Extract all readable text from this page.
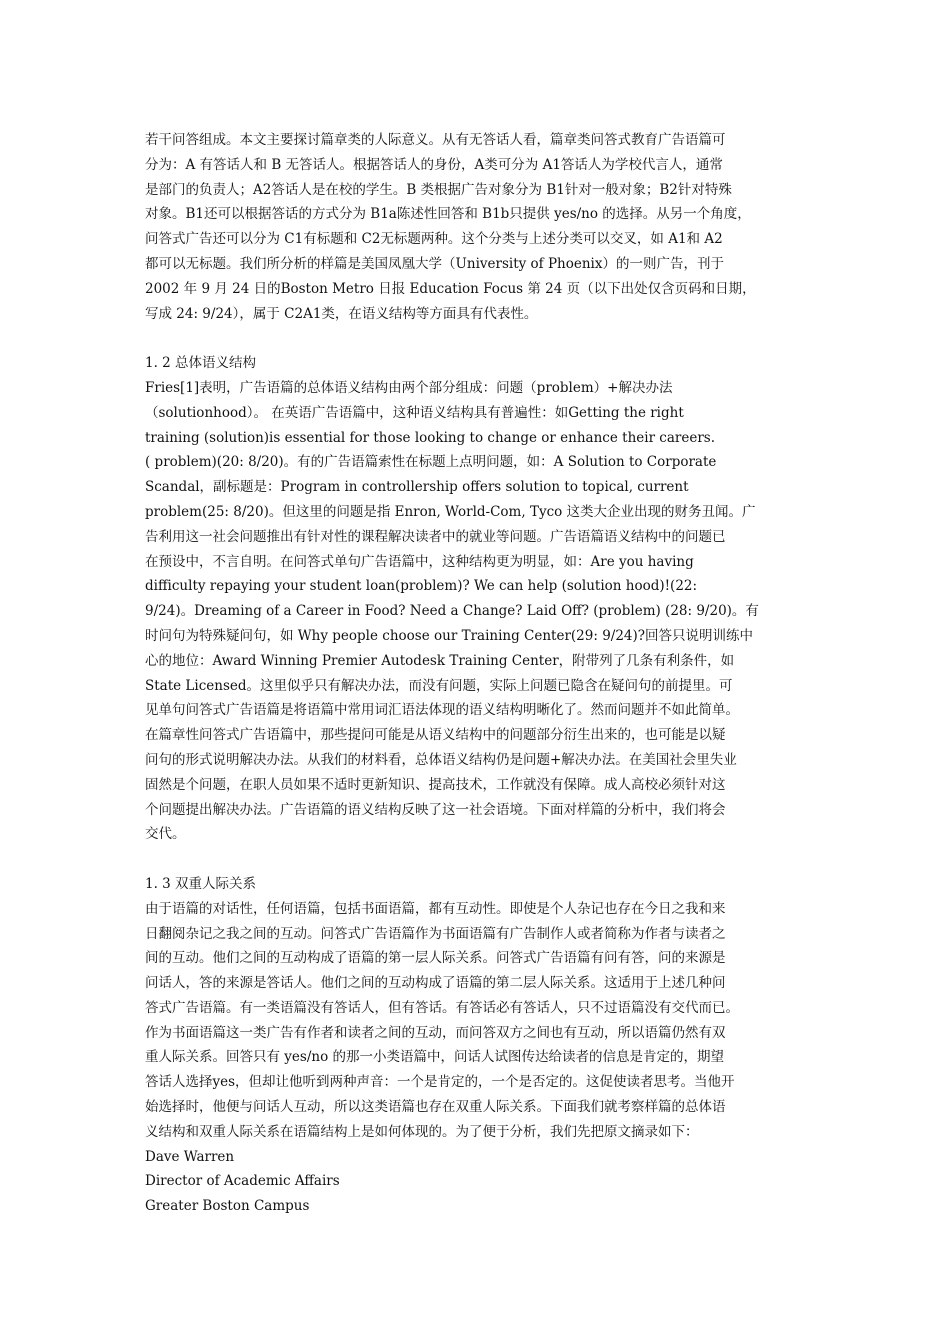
若干问答组成。本文主要探讨篇章类的人际意义。从有无答话人看，篇章类问答式教育广告语篇可
分为：A 有答话人和 B 无答话人。根据答话人的身份，A类可分为 A1答话人为学校代言人，通常
是部门的负责人；A2答话人是在校的学生。B 类根据广告对象分为 B1针对一般对象；B2针对特殊
对象。B1还可以根据答话的方式分为 B1a陈述性回答和 B1b只提供 yes/no 的选择。从另一个角度，
问答式广告还可以分为 C1有标题和 C2无标题两种。这个分类与上述分类可以交叉，如 A1和 A2
都可以无标题。我们所分析的样篇是美国凤凰大学（University of Phoenix）的一则广告，刊于
2002 年 9 月 24 日的Boston Metro 日报 Education Focus 第 24 页（以下出处仅含页码和日期，
写成 24: 9/24），属于 C2A1类，在语义结构等方面具有代表性。
1. 2 总体语义结构
Fries[1]表明，广告语篇的总体语义结构由两个部分组成：问题（problem）+解决办法
（solutionhood）。 在英语广告语篇中，这种语义结构具有普遍性：如Getting the right
training (solution)is essential for those looking to change or enhance their careers.
( problem)(20: 8/20)。有的广告语篇索性在标题上点明问题，如：A Solution to Corporate
Scandal，副标题是：Program in controllership offers solution to topical, current
problem(25: 8/20)。但这里的问题是指 Enron, World-Com, Tyco 这类大企业出现的财务丑闻。广
告利用这一社会问题推出有针对性的课程解决读者中的就业等问题。广告语篇语义结构中的问题已
在预设中，不言自明。在问答式单句广告语篇中，这种结构更为明显，如：Are you having
difficulty repaying your student loan(problem)? We can help (solution hood)!(22:
9/24)。Dreaming of a Career in Food? Need a Change? Laid Off? (problem) (28: 9/20)。有
时问句为特殊疑问句，如 Why people choose our Training Center(29: 9/24)?回答只说明训练中
心的地位：Award Winning Premier Autodesk Training Center，附带列了几条有利条件，如
State Licensed。这里似乎只有解决办法，而没有问题，实际上问题已隐含在疑问句的前提里。可
见单句问答式广告语篇是将语篇中常用词汇语法体现的语义结构明晰化了。然而问题并不如此简单。
在篇章性问答式广告语篇中，那些提问可能是从语义结构中的问题部分衍生出来的，也可能是以疑
问句的形式说明解决办法。从我们的材料看，总体语义结构仍是问题+解决办法。在美国社会里失业
固然是个问题，在职人员如果不适时更新知识、提高技术，工作就没有保障。成人高校必须针对这
个问题提出解决办法。广告语篇的语义结构反映了这一社会语境。下面对样篇的分析中，我们将会
交代。
1. 3 双重人际关系
由于语篇的对话性，任何语篇，包括书面语篇，都有互动性。即使是个人杂记也存在今日之我和来
日翻阅杂记之我之间的互动。问答式广告语篇作为书面语篇有广告制作人或者简称为作者与读者之
间的互动。他们之间的互动构成了语篇的第一层人际关系。问答式广告语篇有问有答，问的来源是
问话人，答的来源是答话人。他们之间的互动构成了语篇的第二层人际关系。这适用于上述几种问
答式广告语篇。有一类语篇没有答话人，但有答话。有答话必有答话人，只不过语篇没有交代而已。
作为书面语篇这一类广告有作者和读者之间的互动，而问答双方之间也有互动，所以语篇仍然有双
重人际关系。回答只有 yes/no 的那一小类语篇中，问话人试图传达给读者的信息是肯定的，期望
答话人选择yes，但却让他听到两种声音：一个是肯定的，一个是否定的。这促使读者思考。当他开
始选择时，他便与问话人互动，所以这类语篇也存在双重人际关系。下面我们就考察样篇的总体语
义结构和双重人际关系在语篇结构上是如何体现的。为了便于分析，我们先把原文摘录如下：
Dave Warren
Director of Academic Affairs
Greater Boston Campus
